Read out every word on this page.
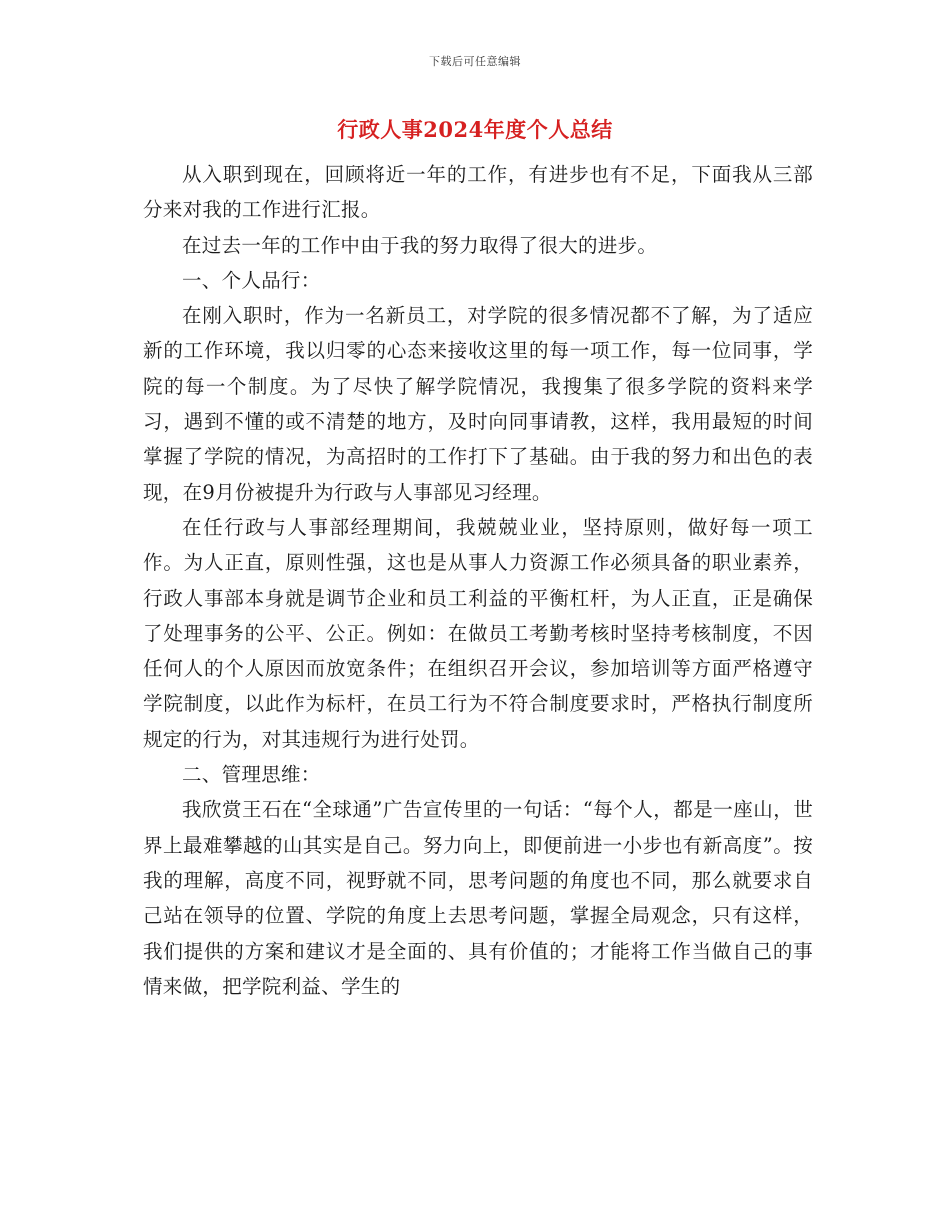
下载后可任意编辑
行政人事2024年度个人总结

从入职到现在，回顾将近一年的工作，有进步也有不足，下面我从三部分来对我的工作进行汇报。

在过去一年的工作中由于我的努力取得了很大的进步。

一、个人品行：

在刚入职时，作为一名新员工，对学院的很多情况都不了解，为了适应新的工作环境，我以归零的心态来接收这里的每一项工作，每一位同事，学院的每一个制度。为了尽快了解学院情况，我搜集了很多学院的资料来学习，遇到不懂的或不清楚的地方，及时向同事请教，这样，我用最短的时间掌握了学院的情况，为高招时的工作打下了基础。由于我的努力和出色的表现，在9月份被提升为行政与人事部见习经理。

在任行政与人事部经理期间，我兢兢业业，坚持原则，做好每一项工作。为人正直，原则性强，这也是从事人力资源工作必须具备的职业素养，行政人事部本身就是调节企业和员工利益的平衡杠杆，为人正直，正是确保了处理事务的公平、公正。例如：在做员工考勤考核时坚持考核制度，不因任何人的个人原因而放宽条件；在组织召开会议，参加培训等方面严格遵守学院制度，以此作为标杆，在员工行为不符合制度要求时，严格执行制度所规定的行为，对其违规行为进行处罚。

二、管理思维：

我欣赏王石在“全球通”广告宣传里的一句话：“每个人，都是一座山，世界上最难攀越的山其实是自己。努力向上，即便前进一小步也有新高度”。按我的理解，高度不同，视野就不同，思考问题的角度也不同，那么就要求自己站在领导的位置、学院的角度上去思考问题，掌握全局观念，只有这样，我们提供的方案和建议才是全面的、具有价值的；才能将工作当做自己的事情来做，把学院利益、学生的
